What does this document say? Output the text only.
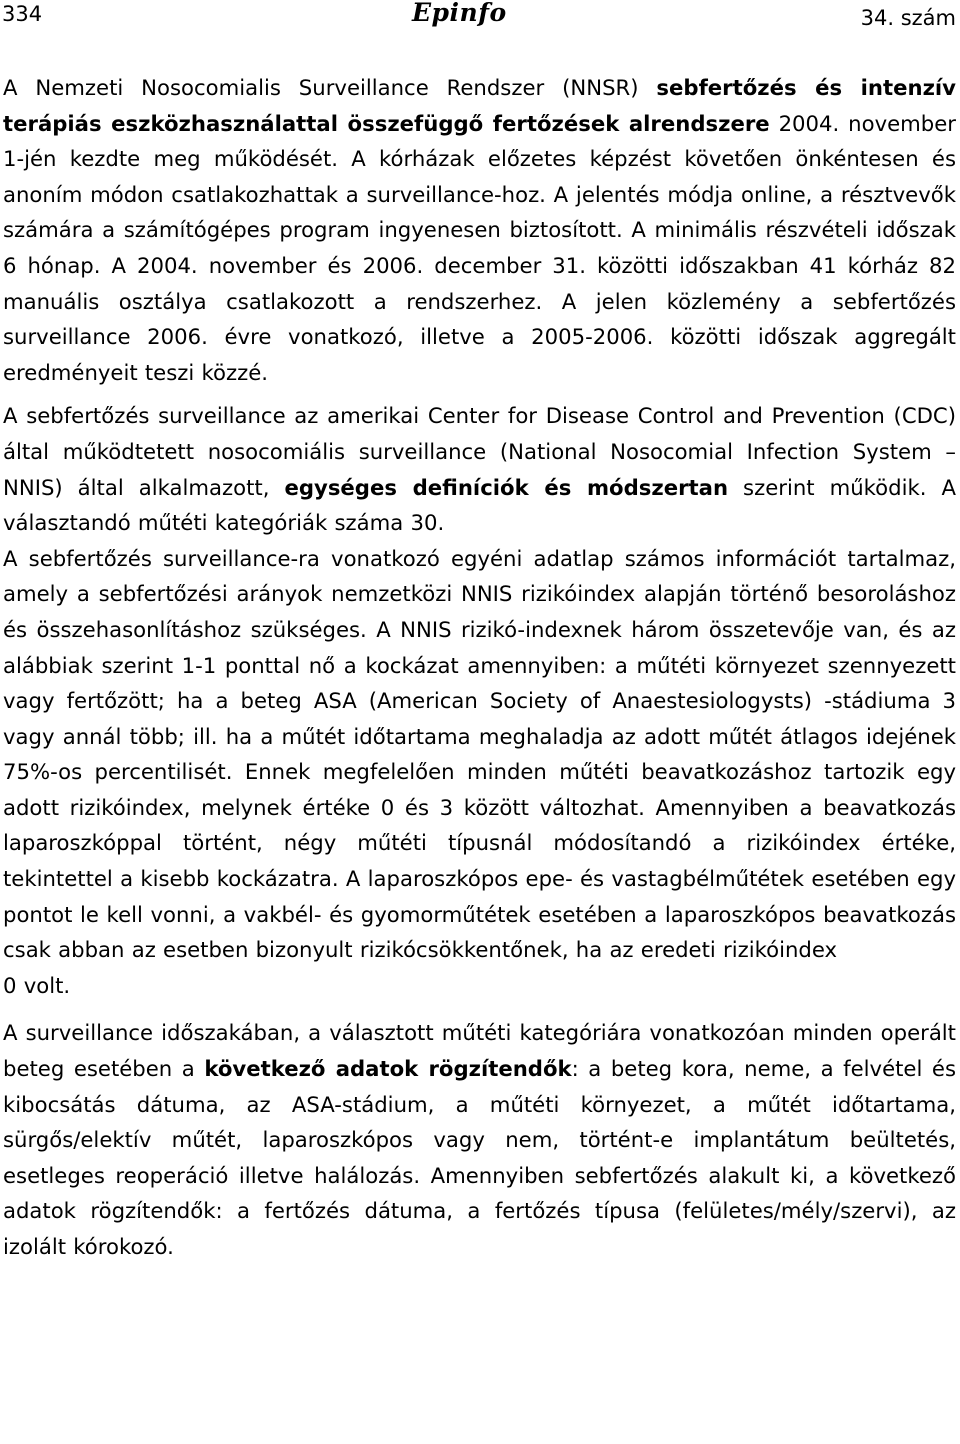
334	Epinfo	34. szám

A Nemzeti Nosocomialis Surveillance Rendszer (NNSR) sebfertőzés és intenzív terápiás eszközhasználattal összefüggő fertőzések alrendszere 2004. november 1-jén kezdte meg működését. A kórházak előzetes képzést követően önkéntesen és anoním módon csatlakozhattak a surveillance-hoz. A jelentés módja online, a résztvevők számára a számítógépes program ingyenesen biztosított. A minimális részvételi időszak 6 hónap. A 2004. november és 2006. december 31. közötti időszakban 41 kórház 82 manuális osztálya csatlakozott a rendszerhez. A jelen közlemény a sebfertőzés surveillance 2006. évre vonatkozó, illetve a 2005-2006. közötti időszak aggregált eredményeit teszi közzé.

A sebfertőzés surveillance az amerikai Center for Disease Control and Prevention (CDC) által működtetett nosocomiális surveillance (National Nosocomial Infection System – NNIS) által alkalmazott, egységes definíciók és módszertan szerint működik. A választandó műtéti kategóriák száma 30.

A sebfertőzés surveillance-ra vonatkozó egyéni adatlap számos információt tartalmaz, amely a sebfertőzési arányok nemzetközi NNIS rizikóindex alapján történő besoroláshoz és összehasonlításhoz szükséges. A NNIS rizikó-indexnek három összetevője van, és az alábbiak szerint 1-1 ponttal nő a kockázat amennyiben: a műtéti környezet szennyezett vagy fertőzött; ha a beteg ASA (American Society of Anaestesiologysts) -stádiuma 3 vagy annál több; ill. ha a műtét időtartama meghaladja az adott műtét átlagos idejének 75%-os percentilisét. Ennek megfelelően minden műtéti beavatkozáshoz tartozik egy adott rizikóindex, melynek értéke 0 és 3 között változhat. Amennyiben a beavatkozás laparoszkóppal történt, négy műtéti típusnál módosítandó a rizikóindex értéke, tekintettel a kisebb kockázatra. A laparoszkópos epe- és vastagbélműtétek esetében egy pontot le kell vonni, a vakbél- és gyomorműtétek esetében a laparoszkópos beavatkozás csak abban az esetben bizonyult rizikócsökkentőnek, ha az eredeti rizikóindex

0 volt.

A surveillance időszakában, a választott műtéti kategóriára vonatkozóan minden operált beteg esetében a következő adatok rögzítendők: a beteg kora, neme, a felvétel és kibocsátás dátuma, az ASA-stádium, a műtéti környezet, a műtét időtartama, sürgős/elektív műtét, laparoszkópos vagy nem, történt-e implantátum beültetés, esetleges reoperáció illetve halálozás. Amennyiben sebfertőzés alakult ki, a következő adatok rögzítendők: a fertőzés dátuma, a fertőzés típusa (felületes/mély/szervi), az izolált kórokozó.
